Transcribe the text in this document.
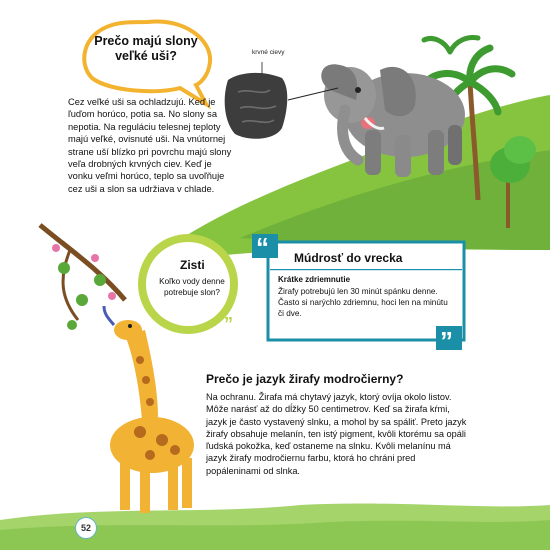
“
”
“
”
Prečo majú slony veľké uši?	krvné cievy
Cez veľké uši sa ochladzujú. Keď je ľuďom horúco, potia sa. No slony sa nepotia. Na reguláciu telesnej teploty majú veľké, ovisnuté uši. Na vnútornej strane uší blízko pri povrchu majú slony veľa drobných krvných ciev. Keď je vonku veľmi horúco, teplo sa uvoľňuje cez uši a slon sa udržiava v chlade.
Zisti
Koľko vody denne potrebuje slon?
Múdrosť do vrecka
Krátke zdriemnutie
Žirafy potrebujú len 30 minút spánku denne. Často si narýchlo zdriemnu, hoci len na minútu či dve.
Prečo je jazyk žirafy modročierny?
Na ochranu. Žirafa má chytavý jazyk, ktorý ovíja okolo listov. Môže narásť až do dĺžky 50 centimetrov. Keď sa žirafa kŕmi, jazyk je často vystavený slnku, a mohol by sa spáliť. Preto jazyk žirafy obsahuje melanín, ten istý pigment, kvôli ktorému sa opáli ľudská pokožka, keď ostaneme na slnku. Kvôli melanínu má jazyk žirafy modročiernu farbu, ktorá ho chráni pred popáleninami od slnka.
52
